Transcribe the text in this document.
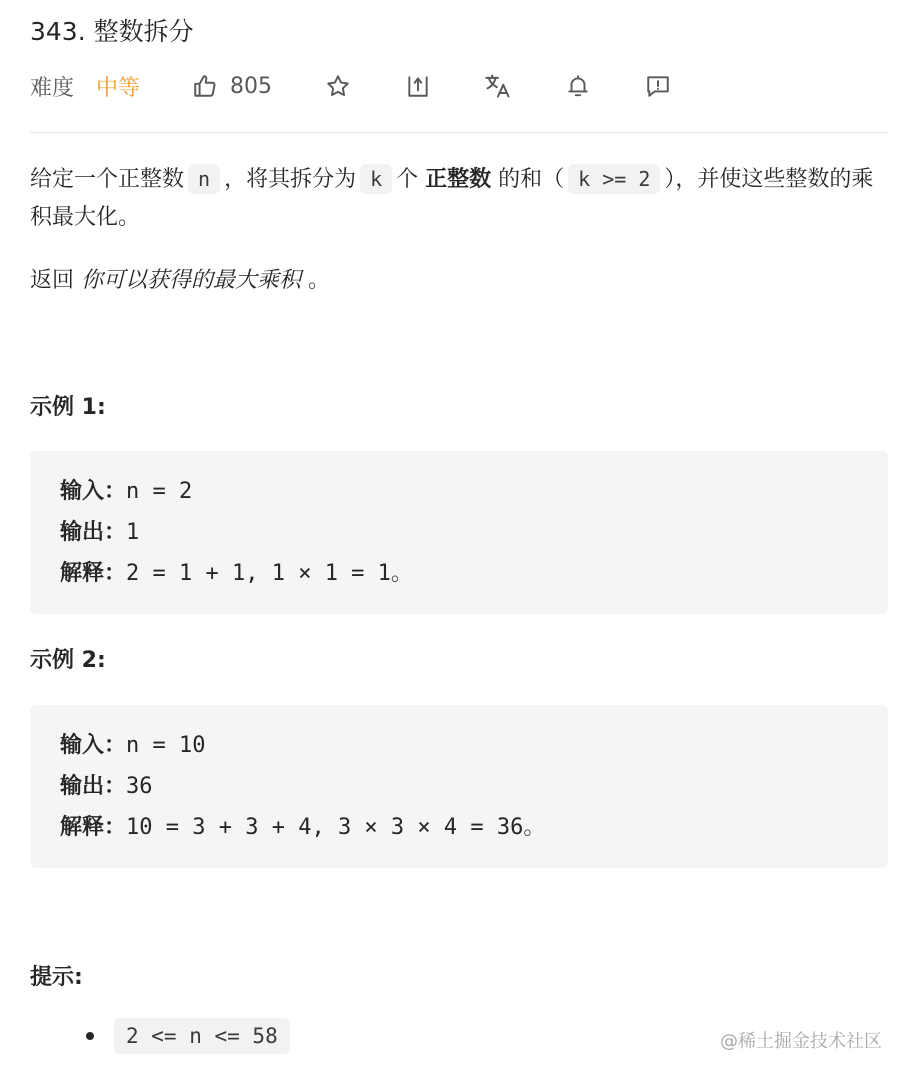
343. 整数拆分
难度 中等	805
给定一个正整数 n ，将其拆分为 k 个 正整数 的和（ k >= 2 ），并使这些整数的乘积最大化。
返回 你可以获得的最大乘积 。
示例 1:
输入：n = 2
输出：1
解释：2 = 1 + 1, 1 × 1 = 1。
示例 2:
输入：n = 10
输出：36
解释：10 = 3 + 3 + 4, 3 × 3 × 4 = 36。
提示:
2 <= n <= 58	@稀土掘金技术社区
